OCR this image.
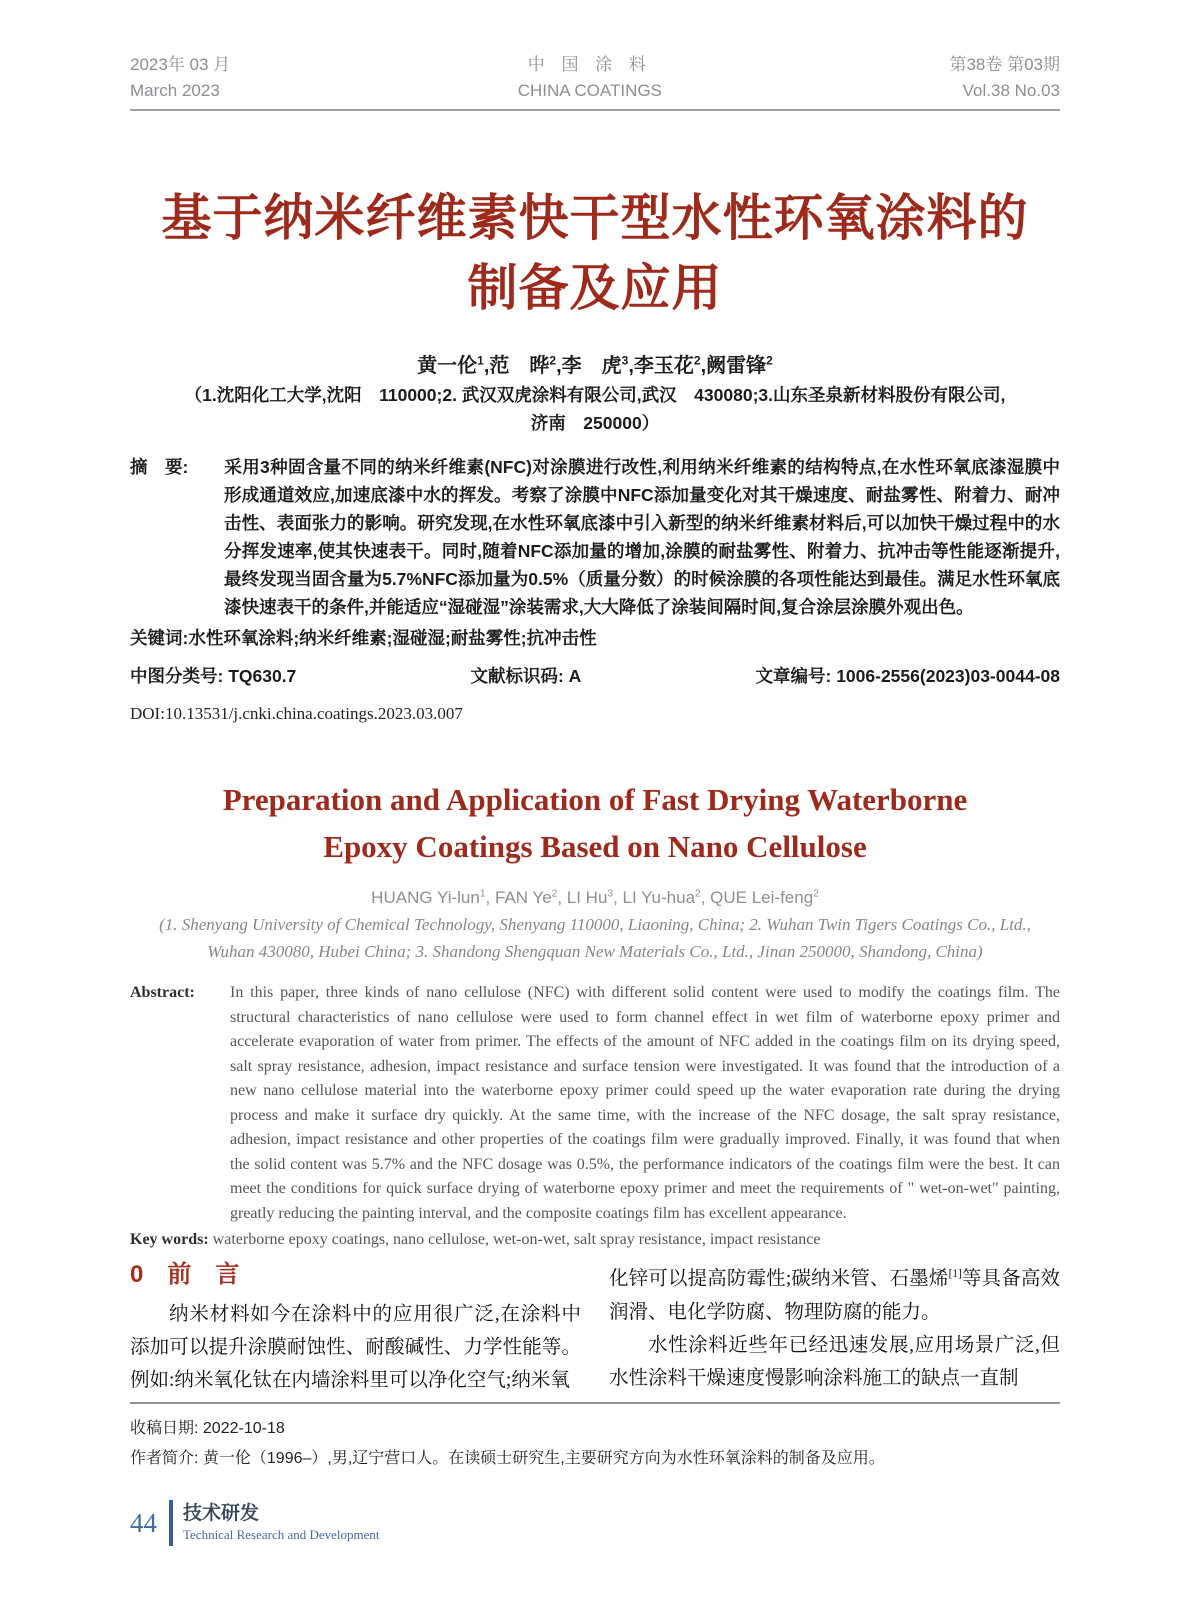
2023年 03 月
March 2023
中 国 涂 料
CHINA COATINGS
第38卷 第03期
Vol.38 No.03
基于纳米纤维素快干型水性环氧涂料的
制备及应用
黄一伦$^1$,范　晔$^2$,李　虎$^3$,李玉花$^2$,阙雷锋$^2$
（1.沈阳化工大学,沈阳　110000;2. 武汉双虎涂料有限公司,武汉　430080;3.山东圣泉新材料股份有限公司,
济南　250000）

摘　要: 采用3种固含量不同的纳米纤维素(NFC)对涂膜进行改性,利用纳米纤维素的结构特点,在水性环氧底漆湿膜中形成通道效应,加速底漆中水的挥发。考察了涂膜中NFC添加量变化对其干燥速度、耐盐雾性、附着力、耐冲击性、表面张力的影响。研究发现,在水性环氧底漆中引入新型的纳米纤维素材料后,可以加快干燥过程中的水分挥发速率,使其快速表干。同时,随着NFC添加量的增加,涂膜的耐盐雾性、附着力、抗冲击等性能逐渐提升,最终发现当固含量为5.7%NFC添加量为0.5%（质量分数）的时候涂膜的各项性能达到最佳。满足水性环氧底漆快速表干的条件,并能适应“湿碰湿”涂装需求,大大降低了涂装间隔时间,复合涂层涂膜外观出色。

关键词:水性环氧涂料;纳米纤维素;湿碰湿;耐盐雾性;抗冲击性

中图分类号: TQ630.7	文献标识码: A	文章编号: 1006-2556(2023)03-0044-08
DOI:10.13531/j.cnki.china.coatings.2023.03.007
Preparation and Application of Fast Drying Waterborne
Epoxy Coatings Based on Nano Cellulose
HUANG Yi-lun$^1$, FAN Ye$^2$, LI Hu$^3$, LI Yu-hua$^2$, QUE Lei-feng$^2$
(1. Shenyang University of Chemical Technology, Shenyang 110000, Liaoning, China; 2. Wuhan Twin Tigers Coatings Co., Ltd.,
Wuhan 430080, Hubei China; 3. Shandong Shengquan New Materials Co., Ltd., Jinan 250000, Shandong, China)

Abstract: In this paper, three kinds of nano cellulose (NFC) with different solid content were used to modify the coatings film. The structural characteristics of nano cellulose were used to form channel effect in wet film of waterborne epoxy primer and accelerate evaporation of water from primer. The effects of the amount of NFC added in the coatings film on its drying speed, salt spray resistance, adhesion, impact resistance and surface tension were investigated. It was found that the introduction of a new nano cellulose material into the waterborne epoxy primer could speed up the water evaporation rate during the drying process and make it surface dry quickly. At the same time, with the increase of the NFC dosage, the salt spray resistance, adhesion, impact resistance and other properties of the coatings film were gradually improved. Finally, it was found that when the solid content was 5.7% and the NFC dosage was 0.5%, the performance indicators of the coatings film were the best. It can meet the conditions for quick surface drying of waterborne epoxy primer and meet the requirements of " wet-on-wet" painting, greatly reducing the painting interval, and the composite coatings film has excellent appearance.

Key words: waterborne epoxy coatings, nano cellulose, wet-on-wet, salt spray resistance, impact resistance

0 前　言

纳米材料如今在涂料中的应用很广泛,在涂料中添加可以提升涂膜耐蚀性、耐酸碱性、力学性能等。例如:纳米氧化钛在内墙涂料里可以净化空气;纳米氧

化锌可以提高防霉性;碳纳米管、石墨烯[1]等具备高效润滑、电化学防腐、物理防腐的能力。

水性涂料近些年已经迅速发展,应用场景广泛,但水性涂料干燥速度慢影响涂料施工的缺点一直制

收稿日期: 2022-10-18
作者简介: 黄一伦（1996–）,男,辽宁营口人。在读硕士研究生,主要研究方向为水性环氧涂料的制备及应用。
44 技术研发
Technical Research and Development
